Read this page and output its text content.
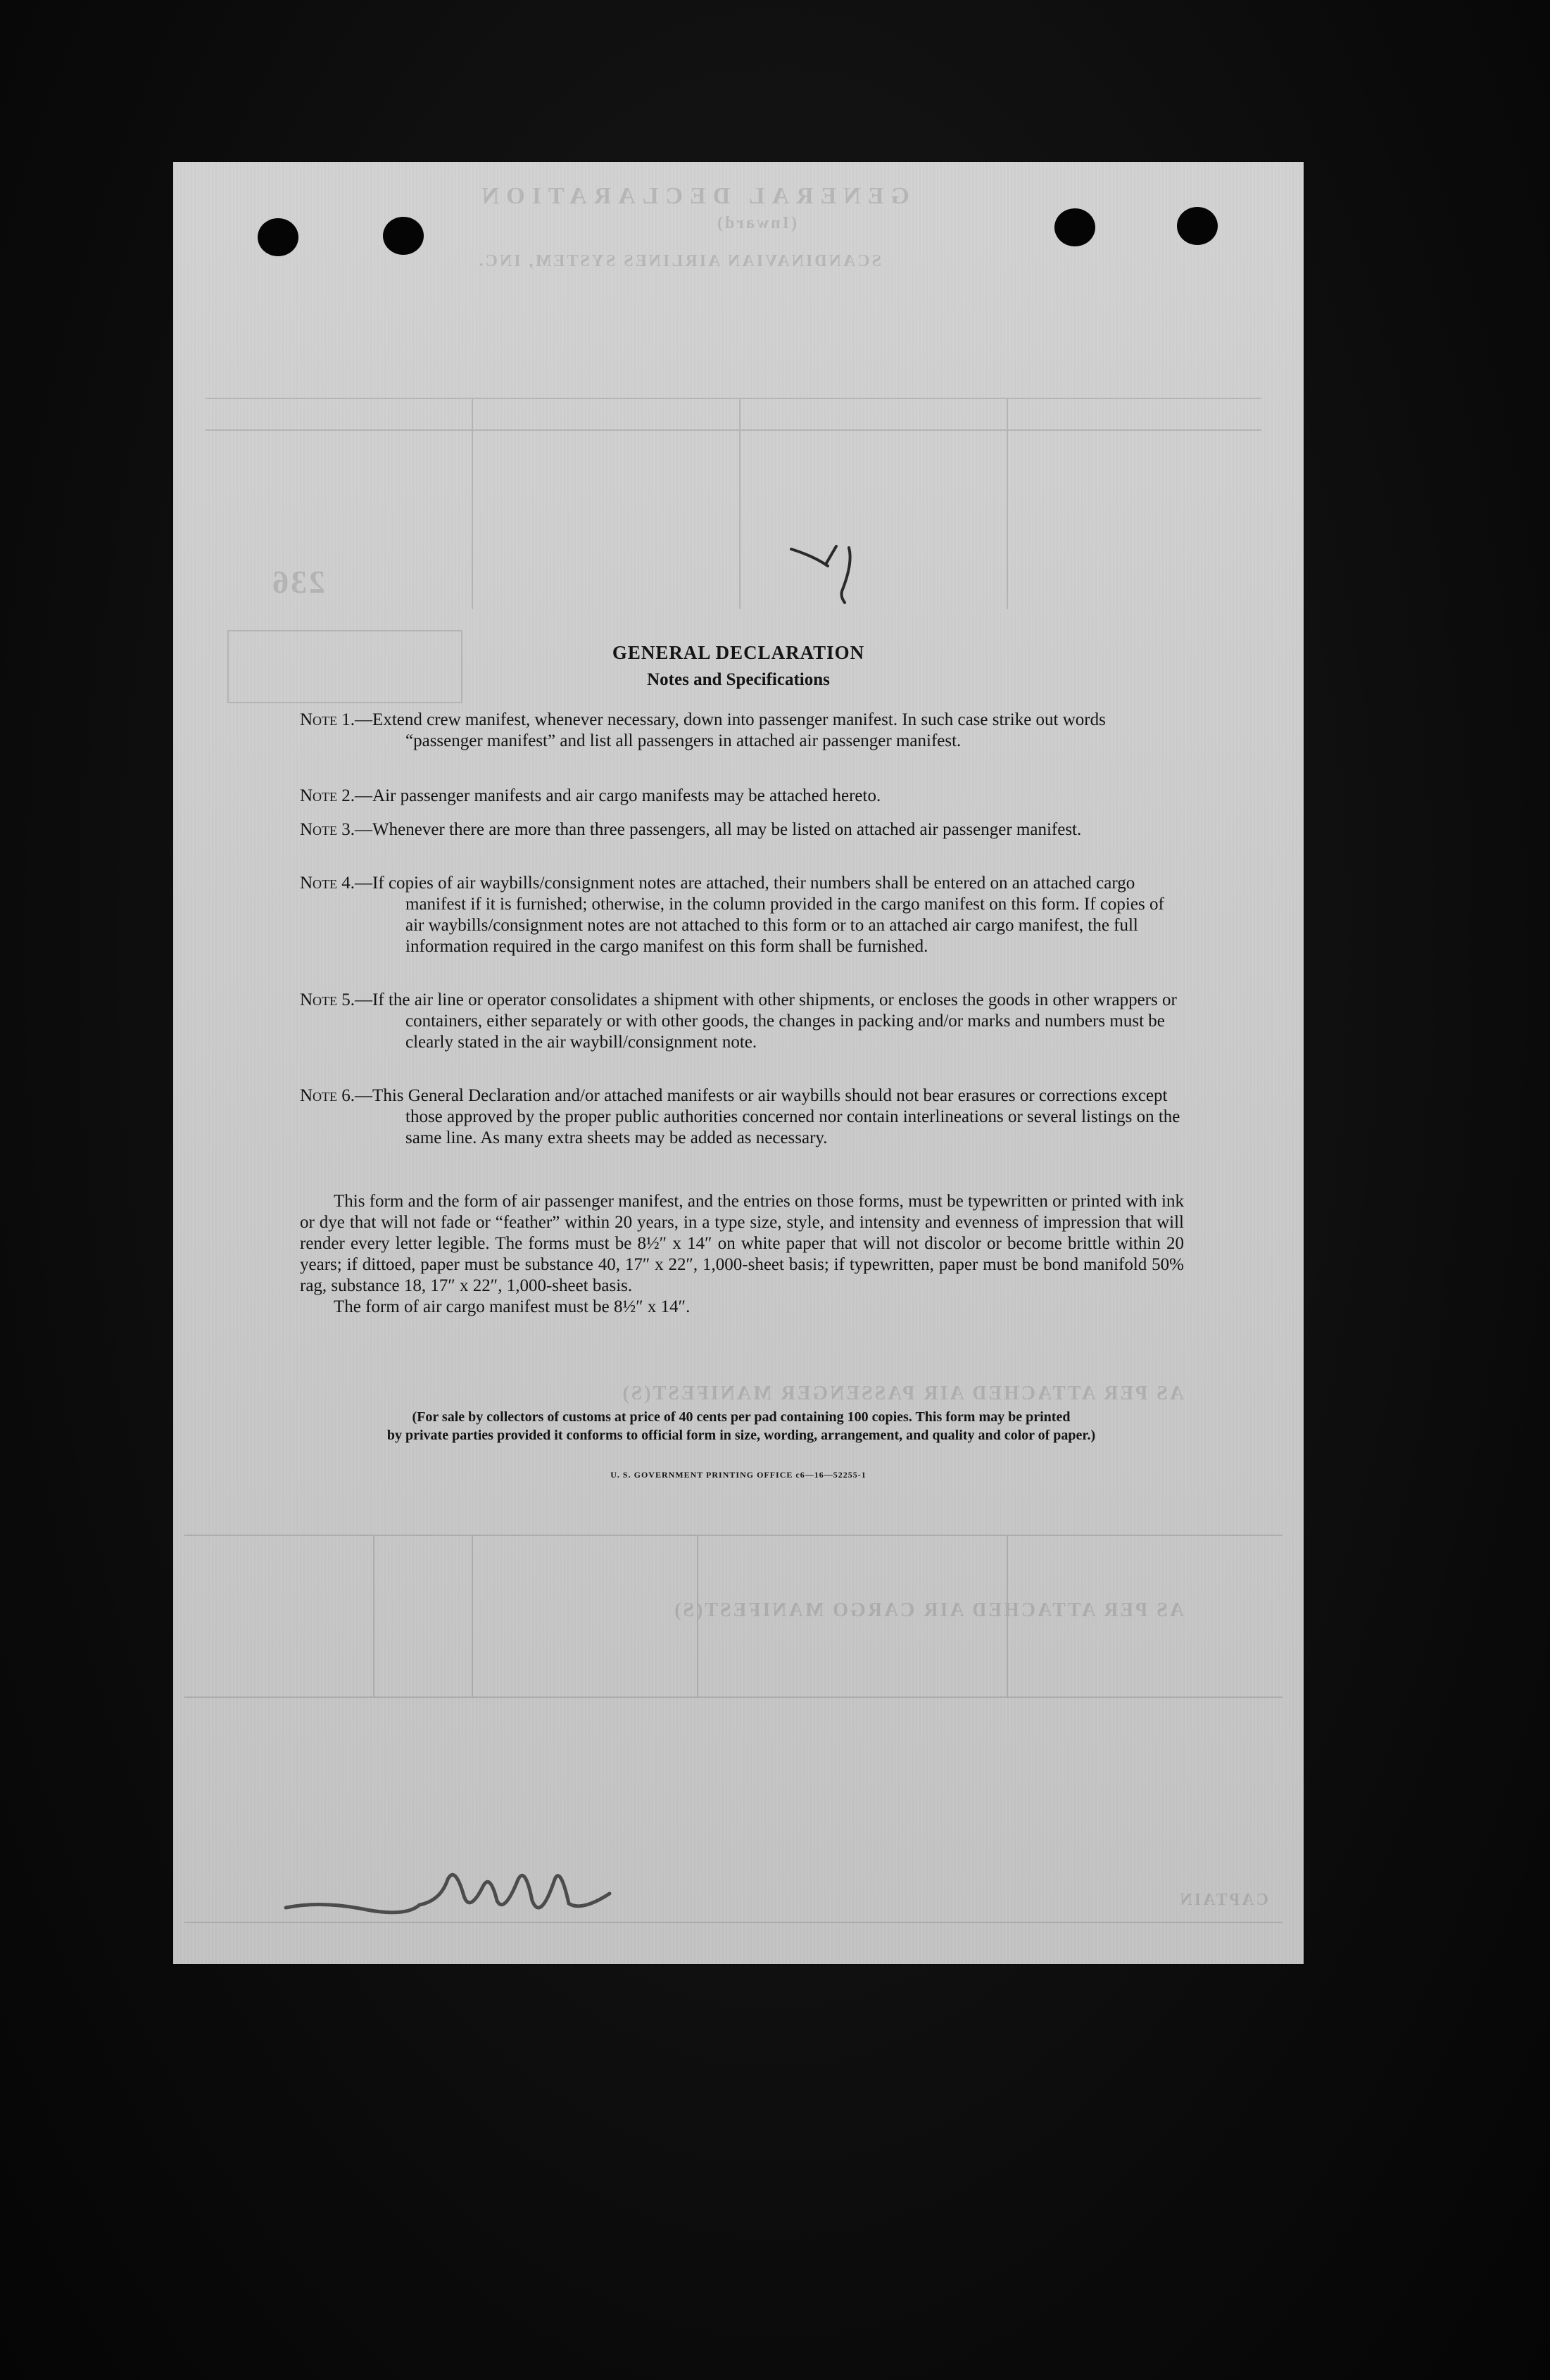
GENERAL DECLARATION
(Inward)
SCANDINAVIAN AIRLINES SYSTEM, INC.
236
AS PER ATTACHED AIR PASSENGER MANIFEST(S)
AS PER ATTACHED AIR CARGO MANIFEST(S)
CAPTAIN
GENERAL DECLARATION
Notes and Specifications
Note 1.—Extend crew manifest, whenever necessary, down into passenger manifest. In such case strike out words “passenger manifest” and list all passengers in attached air passenger manifest.
Note 2.—Air passenger manifests and air cargo manifests may be attached hereto.
Note 3.—Whenever there are more than three passengers, all may be listed on attached air passenger manifest.
Note 4.—If copies of air waybills/consignment notes are attached, their numbers shall be entered on an attached cargo manifest if it is furnished; otherwise, in the column provided in the cargo manifest on this form. If copies of air waybills/consignment notes are not attached to this form or to an attached air cargo manifest, the full information required in the cargo manifest on this form shall be furnished.
Note 5.—If the air line or operator consolidates a shipment with other shipments, or encloses the goods in other wrappers or containers, either separately or with other goods, the changes in packing and/or marks and numbers must be clearly stated in the air waybill/consignment note.
Note 6.—This General Declaration and/or attached manifests or air waybills should not bear erasures or corrections except those approved by the proper public authorities concerned nor contain interlineations or several listings on the same line. As many extra sheets may be added as necessary.
This form and the form of air passenger manifest, and the entries on those forms, must be typewritten or printed with ink or dye that will not fade or “feather” within 20 years, in a type size, style, and intensity and evenness of impression that will render every letter legible. The forms must be 8½″ x 14″ on white paper that will not discolor or become brittle within 20 years; if dittoed, paper must be substance 40, 17″ x 22″, 1,000-sheet basis; if typewritten, paper must be bond manifold 50% rag, substance 18, 17″ x 22″, 1,000-sheet basis.
The form of air cargo manifest must be 8½″ x 14″.
(For sale by collectors of customs at price of 40 cents per pad containing 100 copies. This form may be printed
by private parties provided it conforms to official form in size, wording, arrangement, and quality and color of paper.)
U. S. GOVERNMENT PRINTING OFFICE c6—16—52255-1
